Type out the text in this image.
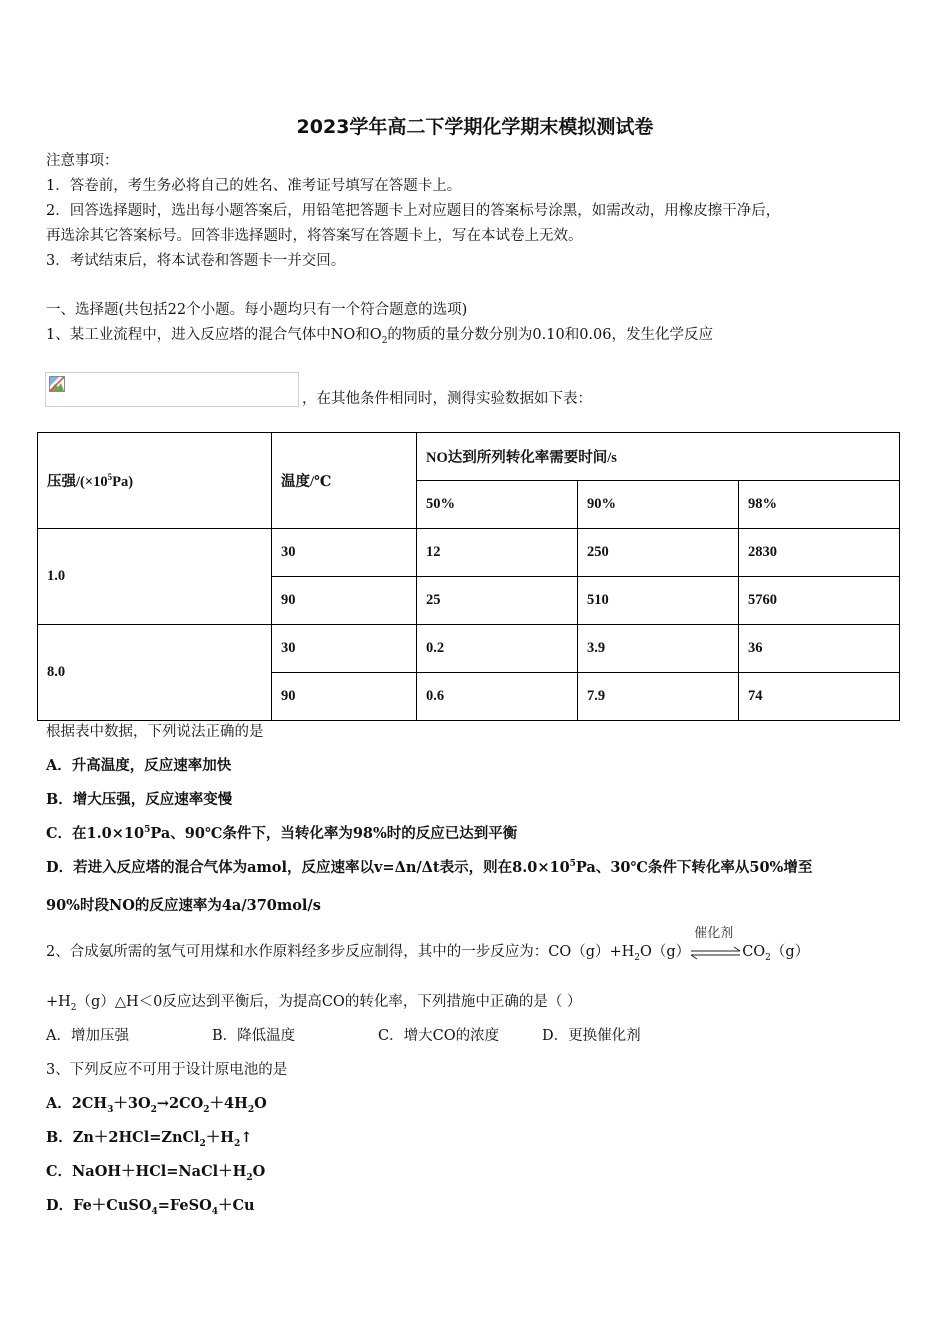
2023学年高二下学期化学期末模拟测试卷
注意事项：
1．答卷前，考生务必将自己的姓名、准考证号填写在答题卡上。
2．回答选择题时，选出每小题答案后，用铅笔把答题卡上对应题目的答案标号涂黑，如需改动，用橡皮擦干净后，
再选涂其它答案标号。回答非选择题时，将答案写在答题卡上，写在本试卷上无效。
3．考试结束后，将本试卷和答题卡一并交回。
一、选择题(共包括22个小题。每小题均只有一个符合题意的选项)
1、某工业流程中，进入反应塔的混合气体中NO和$O_2$的物质的量分数分别为0.10和0.06，发生化学反应
，在其他条件相同时，测得实验数据如下表：
压强$/(\times 10^5Pa)$	温度/℃	NO达到所列转化率需要时间/s		
		50%	90%	98%
1.0	30	12	250	2830
	90	25	510	5760
8.0	30	0.2	3.9	36
	90	0.6	7.9	74
根据表中数据，下列说法正确的是
A．升高温度，反应速率加快
B．增大压强，反应速率变慢
C．在$1.0\times 10^5Pa$、90℃条件下，当转化率为98%时的反应已达到平衡
D．若进入反应塔的混合气体为amol，反应速率以v=Δn/Δt表示，则在$8.0\times 10^5Pa$、30℃条件下转化率从50%增至
90%时段NO的反应速率为4a/370mol/s
2、合成氨所需的氢气可用煤和水作原料经多步反应制得，其中的一步反应为：$CO(g)+H_2O(g)$
催化剂
$CO_2(g)$
$+H_2(g)\triangle H<0$反应达到平衡后，为提高CO的转化率，下列措施中正确的是（ ）
A．增加压强	B．降低温度	C．增大CO的浓度	D．更换催化剂
3、下列反应不可用于设计原电池的是
A．$2CH_3+3O_2\to 2CO_2+4H_2O$
B．$Zn+2HCl=ZnCl_2+H_2↑$
C．$NaOH+HCl=NaCl+H_2O$
D．Fe＋CuSO$_4$=FeSO$_4$＋Cu
